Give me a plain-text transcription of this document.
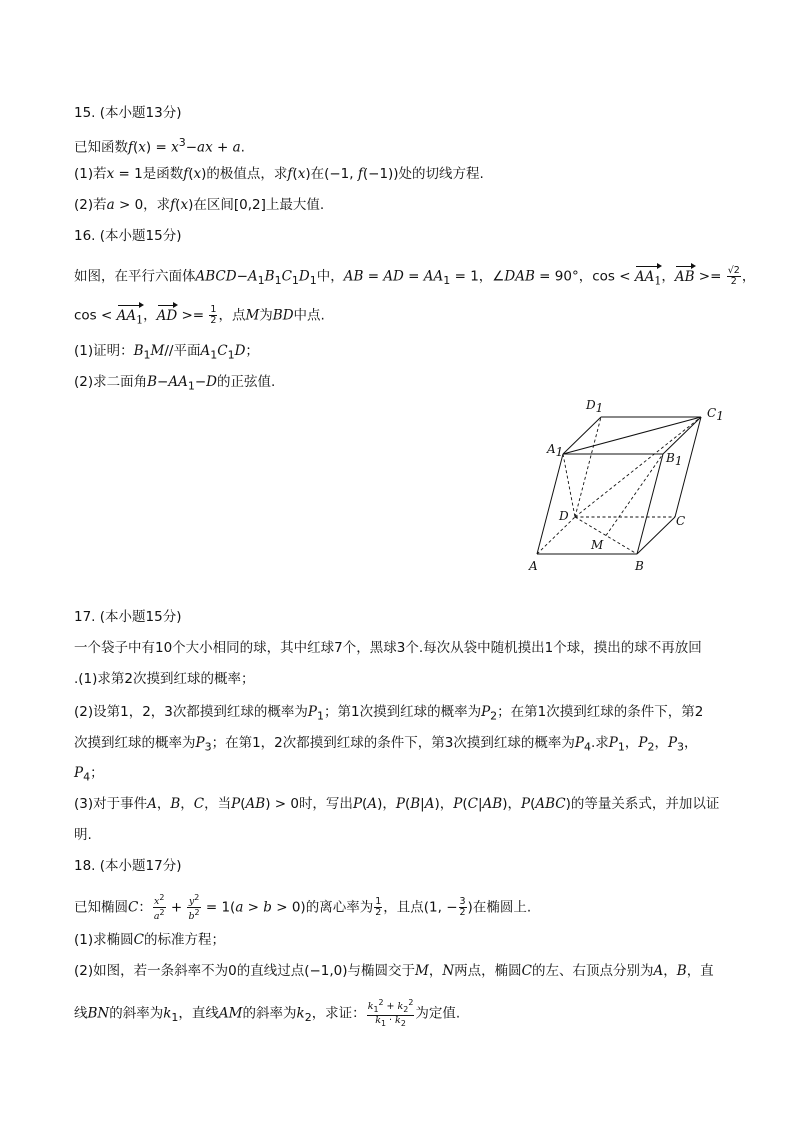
15. (本小题13分)
已知函数$f(x) = x^3-ax + a$.
(1)若x = 1是函数f(x)的极值点，求f(x)在(−1, f(−1))处的切线方程.
(2)若a > 0，求f(x)在区间[0,2]上最大值.
16. (本小题15分)
如图，在平行六面体$ABCD-A_1B_1C_1D_1$中，AB = AD = $AA_1 = 1$，∠DAB = 90°，$\cos < AA_1$，AB >= $\frac{√2}{2}$ ，
$\cos < AA_1$，AD >= $\frac{1}{2}$ ，点M为BD中点.
(1)证明：$B_1M//$平面$A_1C_1D$；
(2)求二面角$B-AA_1-D$的正弦值.
A	B
C
D
M
A1	B1
C1
D1
17. (本小题15分)
一个袋子中有10个大小相同的球，其中红球7个，黑球3个.每次从袋中随机摸出1个球，摸出的球不再放回
.(1)求第2次摸到红球的概率；
(2)设第1，2，3次都摸到红球的概率为$P_1$；第1次摸到红球的概率为$P_2$；在第1次摸到红球的条件下，第2
次摸到红球的概率为$P_3$；在第1，2次都摸到红球的条件下，第3次摸到红球的概率为$P_4$.求$P_1$，$P_2$，$P_3$，
$P_4$；
(3)对于事件A，B，C，当P(AB) > 0时，写出P(A)，P(B|A)，P(C|AB)，P(ABC)的等量关系式，并加以证
明.
18. (本小题17分)
已知椭圆C： $\frac{x^2}{a^2} + \frac{y^2}{b^2} = 1(a > b > 0)$的离心率为 $\frac{1}{2}$ ，且点(1, − $\frac{3}{2}$ )在椭圆上.
(1)求椭圆C的标准方程；
(2)如图，若一条斜率不为0的直线过点(−1,0)与椭圆交于M，N两点，椭圆C的左、右顶点分别为A，B，直
线BN的斜率为$k_1$，直线AM的斜率为$k_2$，求证： $\frac{k_1^2 + k_2^2}{k_1 \cdot k_2}$ 为定值.
